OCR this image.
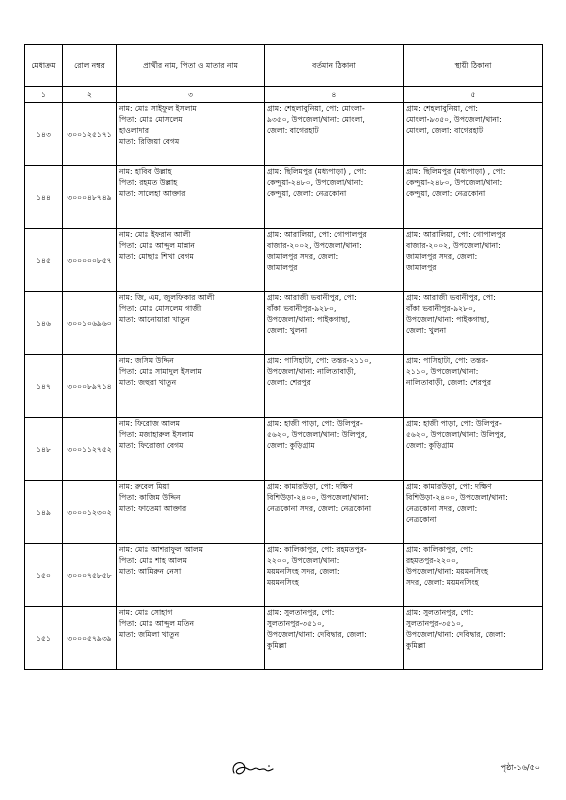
মেধাক্রম	রোল নম্বর	প্রার্থীর নাম, পিতা ও মাতার নাম	বর্তমান ঠিকানা	স্থায়ী ঠিকানা
১	২	৩	৪	৫
১৪৩	৩০০১২৫১৭১	নাম: মোঃ সাইফুল ইসলাম
পিতা: মোঃ মোসলেম
হাওলাদার
মাতা: রিজিয়া বেগম	গ্রাম: শেহলাবুনিয়া, পো: মোংলা-
৯৩৫০, উপজেলা/থানা: মোংলা,
জেলা: বাগেরহাট	গ্রাম: শেহলাবুনিয়া, পো:
মোংলা-৯৩৫০, উপজেলা/থানা:
মোংলা, জেলা: বাগেরহাট

১৪৪	৩০০০৪৮৭৪৯	নাম: হাবিব উল্লাহ
পিতা: রহমত উল্লাহ
মাতা: সালেহা আক্তার	গ্রাম: ছিলিমপুর (মধ্যপাড়া) , পো:
কেন্দুয়া-২৪৮০, উপজেলা/থানা:
কেন্দুয়া, জেলা: নেত্রকোনা	গ্রাম: ছিলিমপুর (মধ্যপাড়া) , পো:
কেন্দুয়া-২৪৮০, উপজেলা/থানা:
কেন্দুয়া, জেলা: নেত্রকোনা

১৪৫	৩০০০০০৮৫৭	নাম: মোঃ ইফরান আলী
পিতা: মোঃ আব্দুল মান্নান
মাতা: মোছাঃ শিখা বেগম	গ্রাম: আরালিয়া, পো: গোপালপুর
বাজার-২০০২, উপজেলা/থানা:
জামালপুর সদর, জেলা:
জামালপুর	গ্রাম: আরালিয়া, পো: গোপালপুর
বাজার-২০০২, উপজেলা/থানা:
জামালপুর সদর, জেলা:
জামালপুর

১৪৬	৩০০১০৬৯৬০	নাম: জি, এম, জুলফিকার আলী
পিতা: মোঃ মোসলেম গাজী
মাতা: আনোয়ারা খাতুন	গ্রাম: আরাজী ভবানীপুর, পো:
বাঁকা ভবানীপুর-৯২৮০,
উপজেলা/থানা: পাইকগাছা,
জেলা: খুলনা	গ্রাম: আরাজী ভবানীপুর, পো:
বাঁকা ভবানীপুর-৯২৮০,
উপজেলা/থানা: পাইকগাছা,
জেলা: খুলনা

১৪৭	৩০০০৮৯৭১৪	নাম: জসিম উদ্দিন
পিতা: মোঃ সামাদুল ইসলাম
মাতা: জহুরা খাতুন	গ্রাম: পাসিহাটা, পো: তন্তর-২১১০,
উপজেলা/থানা: নালিতাবাড়ী,
জেলা: শেরপুর	গ্রাম: পাসিহাটা, পো: তন্তর-
২১১০, উপজেলা/থানা:
নালিতাবাড়ী, জেলা: শেরপুর

১৪৮	৩০০১১২৭৫২	নাম: ফিরোজ আলম
পিতা: মজাহারুল ইসলাম
মাতা: ফিরোজা বেগম	গ্রাম: হাজী পাড়া, পো: উলিপুর-
৫৬২০, উপজেলা/থানা: উলিপুর,
জেলা: কুড়িগ্রাম	গ্রাম: হাজী পাড়া, পো: উলিপুর-
৫৬২০, উপজেলা/থানা: উলিপুর,
জেলা: কুড়িগ্রাম

১৪৯	৩০০০১২৩০২	নাম: রুবেল মিয়া
পিতা: কাজিম উদ্দিন
মাতা: ফাতেমা আক্তার	গ্রাম: কামারউড়া, পো: দক্ষিণ
বিশিউড়া-২৪০০, উপজেলা/থানা:
নেত্রকোনা সদর, জেলা: নেত্রকোনা	গ্রাম: কামারউড়া, পো: দক্ষিণ
বিশিউড়া-২৪০০, উপজেলা/থানা:
নেত্রকোনা সদর, জেলা:
নেত্রকোনা

১৫০	৩০০০৭৫৮৫৮	নাম: মোঃ আশরাফুল আলম
পিতা: মোঃ শাহ আলম
মাতা: আমিরুন নেসা	গ্রাম: কালিকাপুর, পো: রহমতপুর-
২২০০, উপজেলা/থানা:
ময়মনসিংহ সদর, জেলা:
ময়মনসিংহ	গ্রাম: কালিকাপুর, পো:
রহমতপুর-২২০০,
উপজেলা/থানা: ময়মনসিংহ
সদর, জেলা: ময়মনসিংহ

১৫১	৩০০০৫৭৯৩৯	নাম: মোঃ সোহাগ
পিতা: মোঃ আব্দুল মতিন
মাতা: জমিলা খাতুন	গ্রাম: সুলতানপুর, পো:
সুলতানপুর-৩৫১০,
উপজেলা/থানা: দেবিদ্বার, জেলা:
কুমিল্লা	গ্রাম: সুলতানপুর, পো:
সুলতানপুর-৩৫১০,
উপজেলা/থানা: দেবিদ্বার, জেলা:
কুমিল্লা
পৃষ্ঠা-১৬/৫০
